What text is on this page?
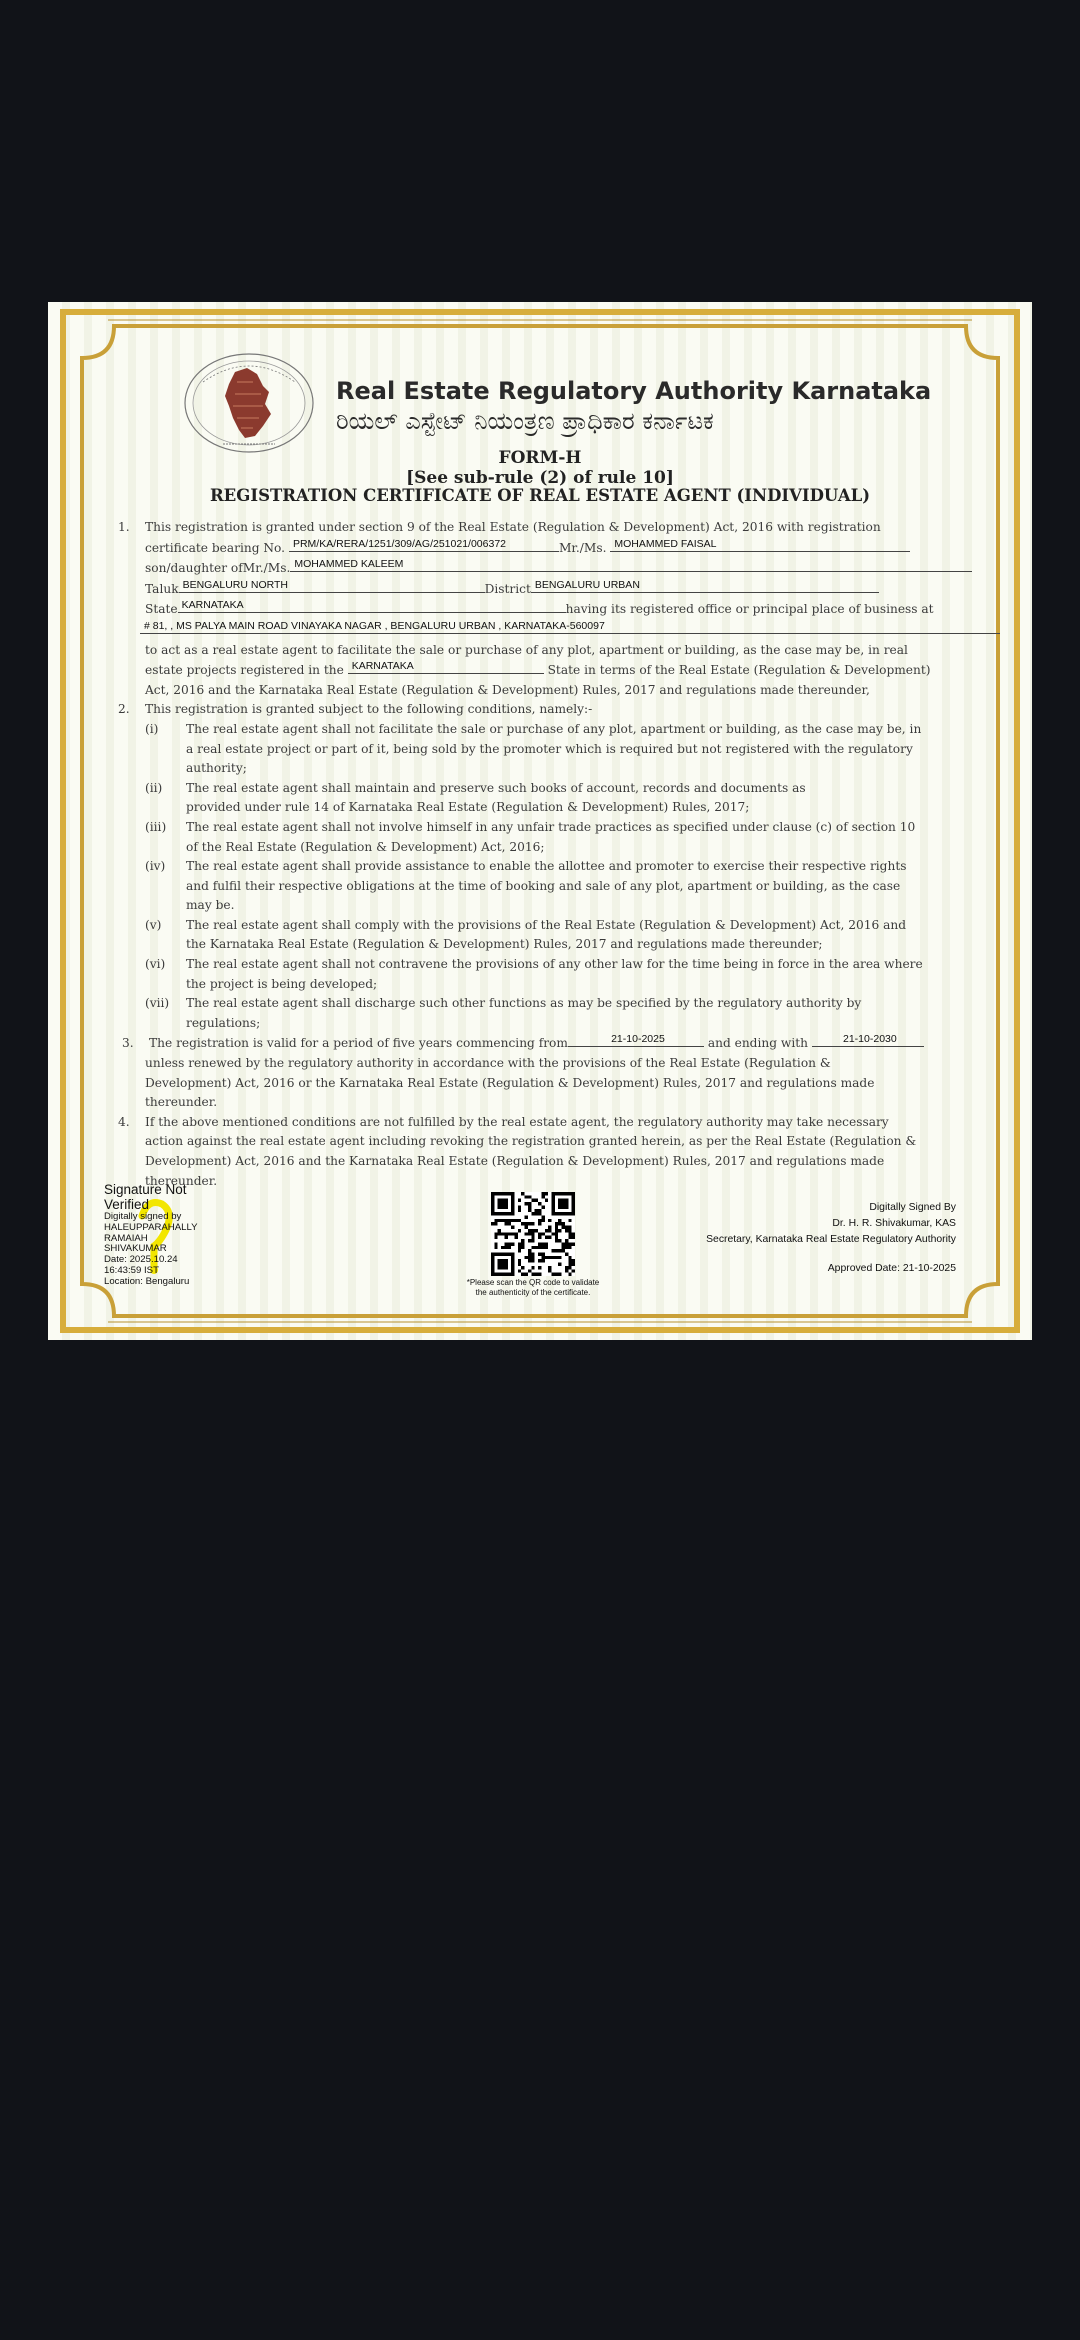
Real Estate Regulatory Authority Karnataka
ರಿಯಲ್ ಎಸ್ಟೇಟ್ ನಿಯಂತ್ರಣ ಪ್ರಾಧಿಕಾರ ಕರ್ನಾಟಕ
FORM-H
[See sub-rule (2) of rule 10]
REGISTRATION CERTIFICATE OF REAL ESTATE AGENT (INDIVIDUAL)
1. This registration is granted under section 9 of the Real Estate (Regulation & Development) Act, 2016 with registration
certificate bearing No. PRM/KA/RERA/1251/309/AG/251021/006372	Mr./Ms. MOHAMMED FAISAL
son/daughter ofMr./Ms. MOHAMMED KALEEM
Taluk BENGALURU NORTH	District BENGALURU URBAN
State KARNATAKA	having its registered office or principal place of business at
# 81, , MS PALYA MAIN ROAD VINAYAKA NAGAR , BENGALURU URBAN , KARNATAKA-560097
to act as a real estate agent to facilitate the sale or purchase of any plot, apartment or building, as the case may be, in real
estate projects registered in the KARNATAKA	State in terms of the Real Estate (Regulation & Development)
Act, 2016 and the Karnataka Real Estate (Regulation & Development) Rules, 2017 and regulations made thereunder,
2. This registration is granted subject to the following conditions, namely:-
(i)	The real estate agent shall not facilitate the sale or purchase of any plot, apartment or building, as the case may be, in
a real estate project or part of it, being sold by the promoter which is required but not registered with the regulatory
authority;
(ii)	The real estate agent shall maintain and preserve such books of account, records and documents as
provided under rule 14 of Karnataka Real Estate (Regulation & Development) Rules, 2017;
(iii)	The real estate agent shall not involve himself in any unfair trade practices as specified under clause (c) of section 10
of the Real Estate (Regulation & Development) Act, 2016;
(iv)	The real estate agent shall provide assistance to enable the allottee and promoter to exercise their respective rights
and fulfil their respective obligations at the time of booking and sale of any plot, apartment or building, as the case
may be.
(v)	The real estate agent shall comply with the provisions of the Real Estate (Regulation & Development) Act, 2016 and
the Karnataka Real Estate (Regulation & Development) Rules, 2017 and regulations made thereunder;
(vi)	The real estate agent shall not contravene the provisions of any other law for the time being in force in the area where
the project is being developed;
(vii)	The real estate agent shall discharge such other functions as may be specified by the regulatory authority by
regulations;
3. The registration is valid for a period of five years commencing from	21-10-2025	and ending with	21-10-2030
unless renewed by the regulatory authority in accordance with the provisions of the Real Estate (Regulation &
Development) Act, 2016 or the Karnataka Real Estate (Regulation & Development) Rules, 2017 and regulations made
thereunder.
4. If the above mentioned conditions are not fulfilled by the real estate agent, the regulatory authority may take necessary
action against the real estate agent including revoking the registration granted herein, as per the Real Estate (Regulation &
Development) Act, 2016 and the Karnataka Real Estate (Regulation & Development) Rules, 2017 and regulations made
thereunder.
Signature Not
Verified
Digitally signed by
HALEUPPARAHALLY
RAMAIAH
SHIVAKUMAR
Date: 2025.10.24
16:43:59 IST
Location: Bengaluru	*Please scan the QR code to validate
the authenticity of the certificate.
Digitally Signed By
Dr. H. R. Shivakumar, KAS
Secretary, Karnataka Real Estate Regulatory Authority
Approved Date: 21-10-2025
